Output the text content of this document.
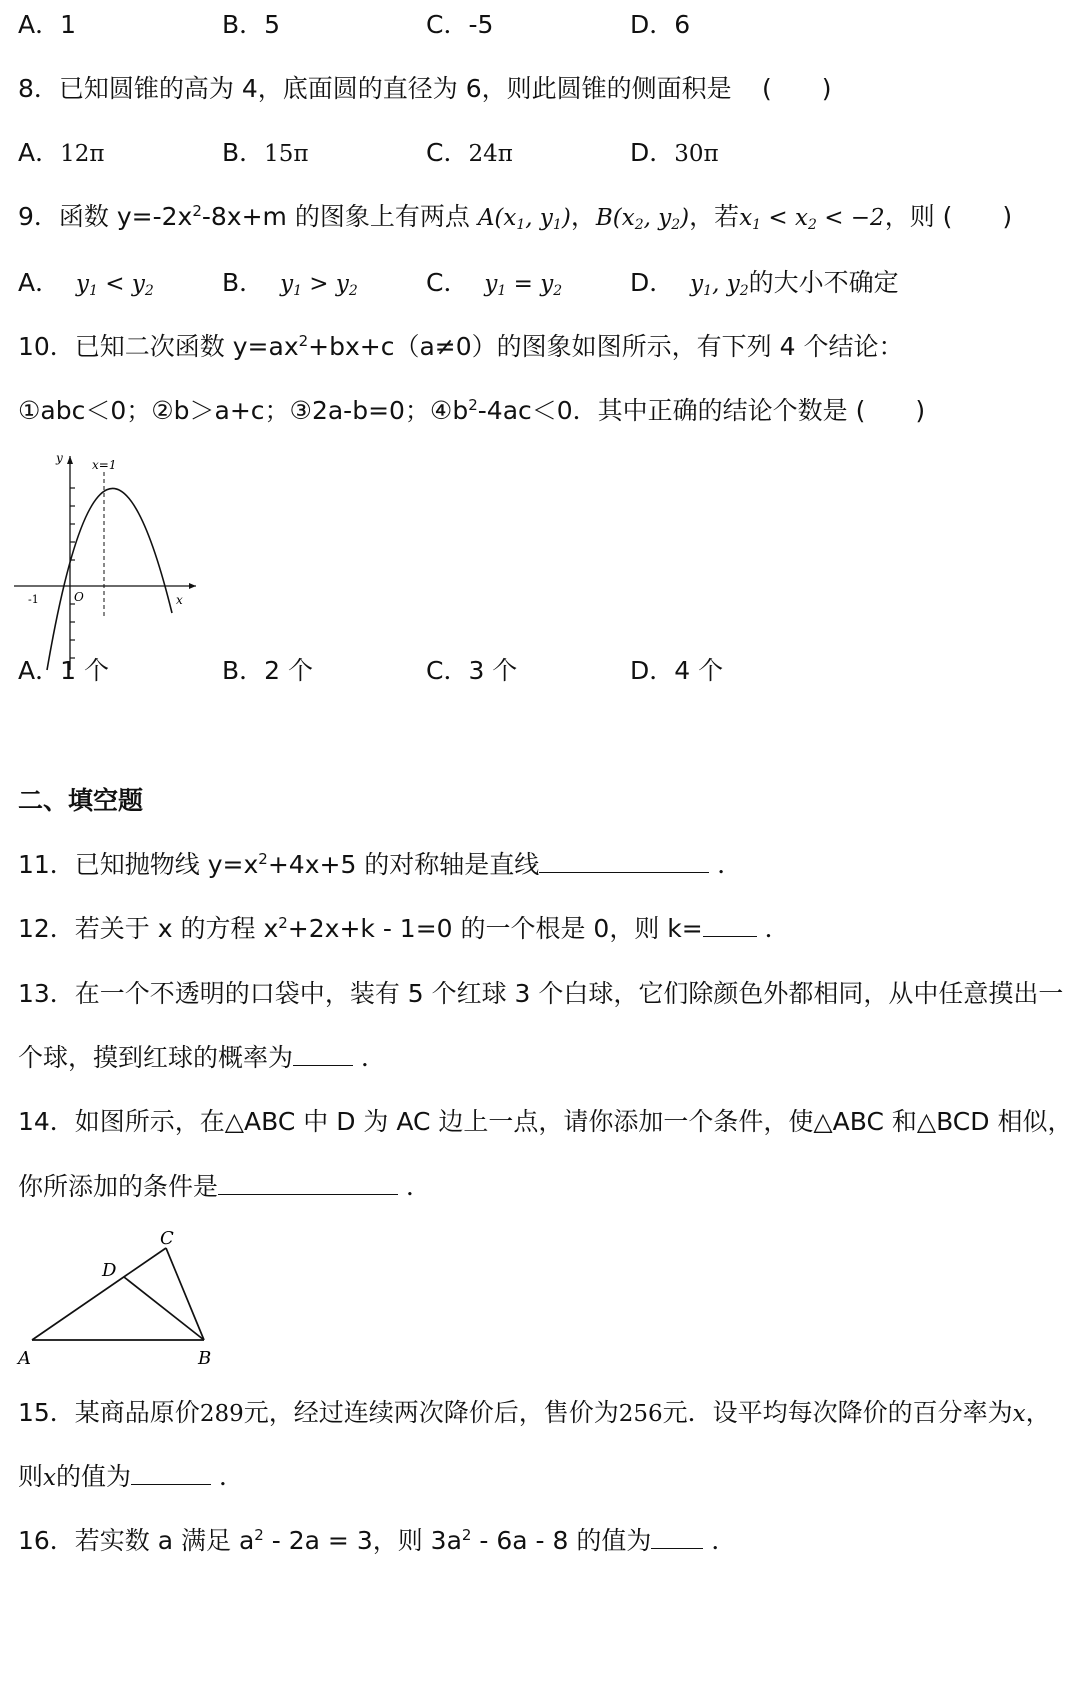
A．1	B．5	C．-5	D．6
8．已知圆锥的高为 4，底面圆的直径为 6，则此圆锥的侧面积是 (　　)
A．12π	B．15π	C．24π	D．30π
9．函数 $y=-2x^2-8x+m$ 的图象上有两点 $A(x_1$, $y_1$)，$B(x_2$, $y_2$)，若$x_1 < x_2 < -2$，则 (　　)
A． $y_1 < y_2$	B． $y_1 > y_2$	C． $y_1 = y_2$	D． $y_1$, $y_2$的大小不确定
10．已知二次函数 $y=ax^2+bx+c(a\ne 0)$的图象如图所示，有下列 4 个结论：
①abc＜0；②b＞a+c；③2a-b=0；$④b^2-4ac<0$．其中正确的结论个数是 (　　)
x=1
y
x
O
-1
A．1 个	B．2 个	C．3 个	D．4 个
二、填空题
11．已知抛物线 $y=x^2+4x+5$ 的对称轴是直线	．
12．若关于 x 的方程 $x^2+2x+k - 1=0$ 的一个根是 0，则 k= ．
13．在一个不透明的口袋中，装有 5 个红球 3 个白球，它们除颜色外都相同，从中任意摸出一
个球，摸到红球的概率为	．
14．如图所示，在△ABC 中 D 为 AC 边上一点，请你添加一个条件，使△ABC 和△BCD 相似，
你所添加的条件是	．
A	B
C
D
15．某商品原价289元，经过连续两次降价后，售价为256元．设平均每次降价的百分率为x，
则x的值为	．
16．若实数 a 满足 $a^2 - 2a = 3$，则 $3a^2 - 6a - 8$ 的值为 ．
